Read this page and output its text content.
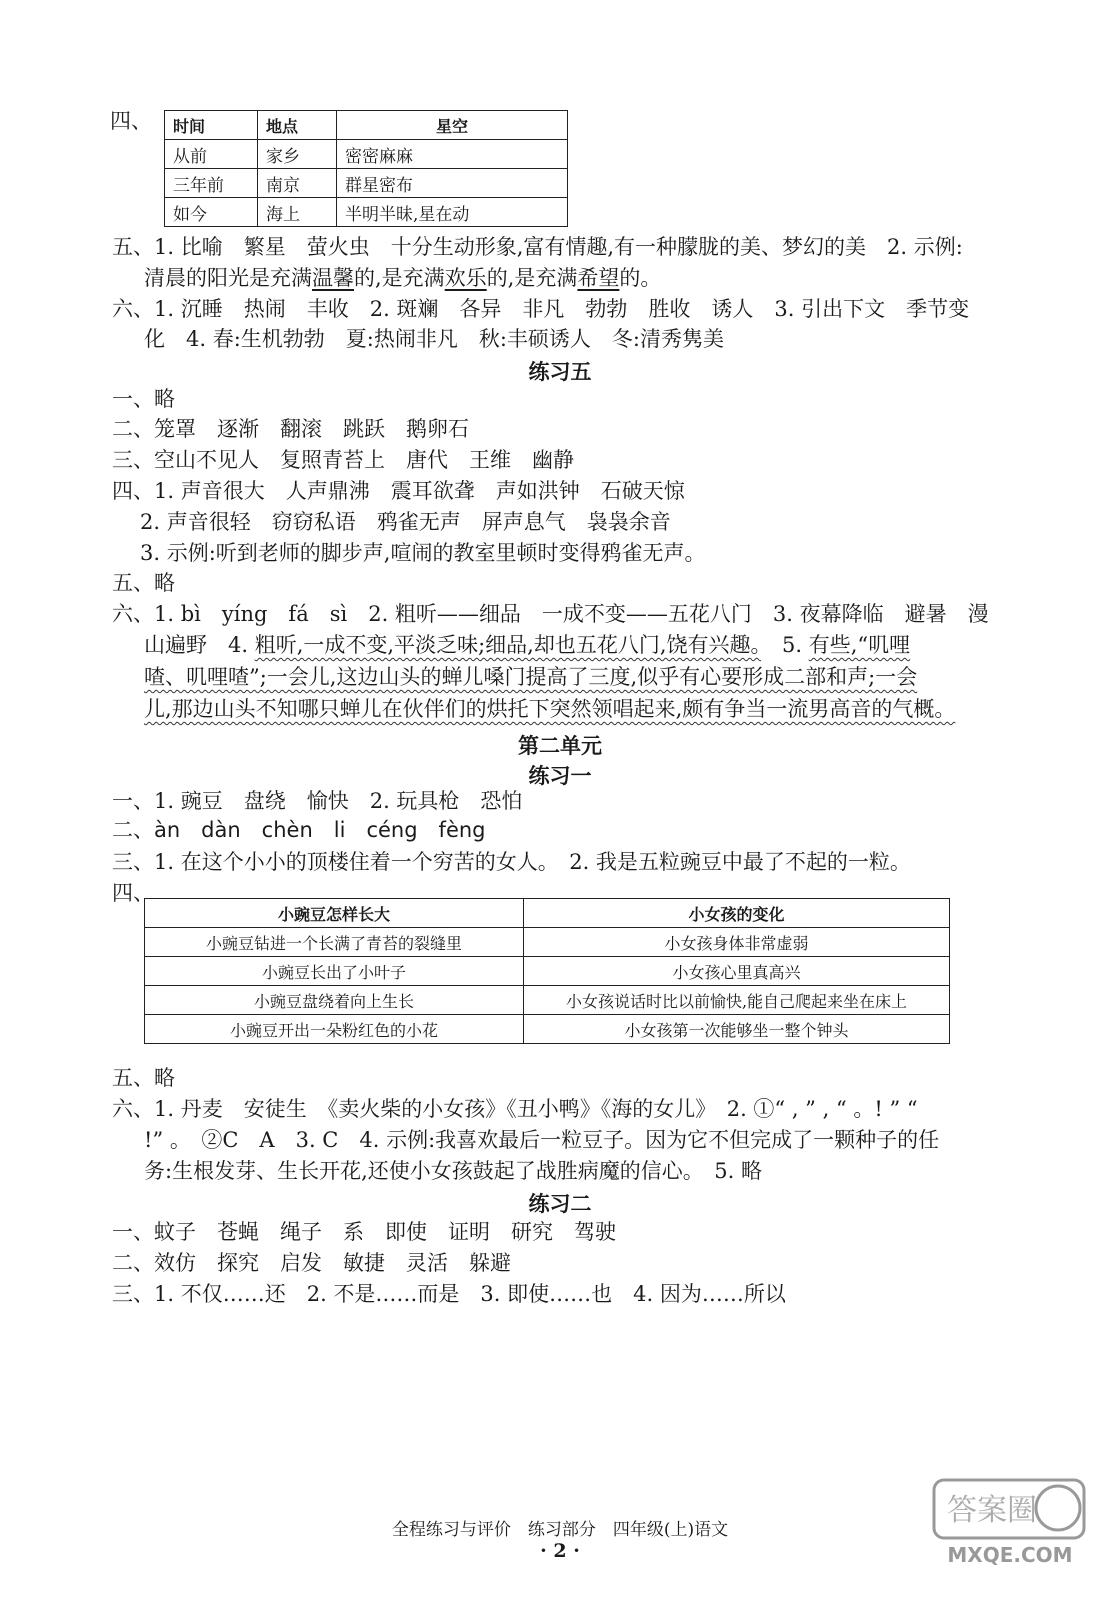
四、 时间	地点	星空
从前	家乡	密密麻麻
三年前	南京	群星密布
如今	海上	半明半昧,星在动
五、1. 比喻　繁星　萤火虫　十分生动形象,富有情趣,有一种朦胧的美、梦幻的美　2. 示例:
清晨的阳光是充满温馨的,是充满欢乐的,是充满希望的。
六、1. 沉睡　热闹　丰收　2. 斑斓　各异　非凡　勃勃　胜收　诱人　3. 引出下文　季节变
化　4. 春:生机勃勃　夏:热闹非凡　秋:丰硕诱人　冬:清秀隽美
练习五
一、略
二、笼罩　逐渐　翻滚　跳跃　鹅卵石
三、空山不见人　复照青苔上　唐代　王维　幽静
四、1. 声音很大　人声鼎沸　震耳欲聋　声如洪钟　石破天惊
2. 声音很轻　窃窃私语　鸦雀无声　屏声息气　袅袅余音
3. 示例:听到老师的脚步声,喧闹的教室里顿时变得鸦雀无声。
五、略
六、1. bì　yíng　fá　sì　2. 粗听——细品　一成不变——五花八门　3. 夜幕降临　避暑　漫
山遍野　4. 粗听,一成不变,平淡乏味;细品,却也五花八门,饶有兴趣。　5. 有些,“叽哩
喳、叽哩喳”;一会儿,这边山头的蝉儿嗓门提高了三度,似乎有心要形成二部和声;一会
儿,那边山头不知哪只蝉儿在伙伴们的烘托下突然领唱起来,颇有争当一流男高音的气概。
第二单元
练习一
一、1. 豌豆　盘绕　愉快　2. 玩具枪　恐怕
二、àn　dàn　chèn　li　céng　fèng
三、1. 在这个小小的顶楼住着一个穷苦的女人。　2. 我是五粒豌豆中最了不起的一粒。
四、
小豌豆怎样长大	小女孩的变化
小豌豆钻进一个长满了青苔的裂缝里	小女孩身体非常虚弱
小豌豆长出了小叶子	小女孩心里真高兴
小豌豆盘绕着向上生长	小女孩说话时比以前愉快,能自己爬起来坐在床上
小豌豆开出一朵粉红色的小花	小女孩第一次能够坐一整个钟头
五、略
六、1. 丹麦　安徒生　《卖火柴的小女孩》《丑小鸭》《海的女儿》　2. ①“ , ” , “ 。! ” “
!” 。　②C　A　3. C　4. 示例:我喜欢最后一粒豆子。因为它不但完成了一颗种子的任
务:生根发芽、生长开花,还使小女孩鼓起了战胜病魔的信心。　5. 略
练习二
一、蚊子　苍蝇　绳子　系　即使　证明　研究　驾驶
二、效仿　探究　启发　敏捷　灵活　躲避
三、1. 不仅……还　2. 不是……而是　3. 即使……也　4. 因为……所以
全程练习与评价　练习部分　四年级(上)语文
· 2 ·
答案圈
MXQE.COM
